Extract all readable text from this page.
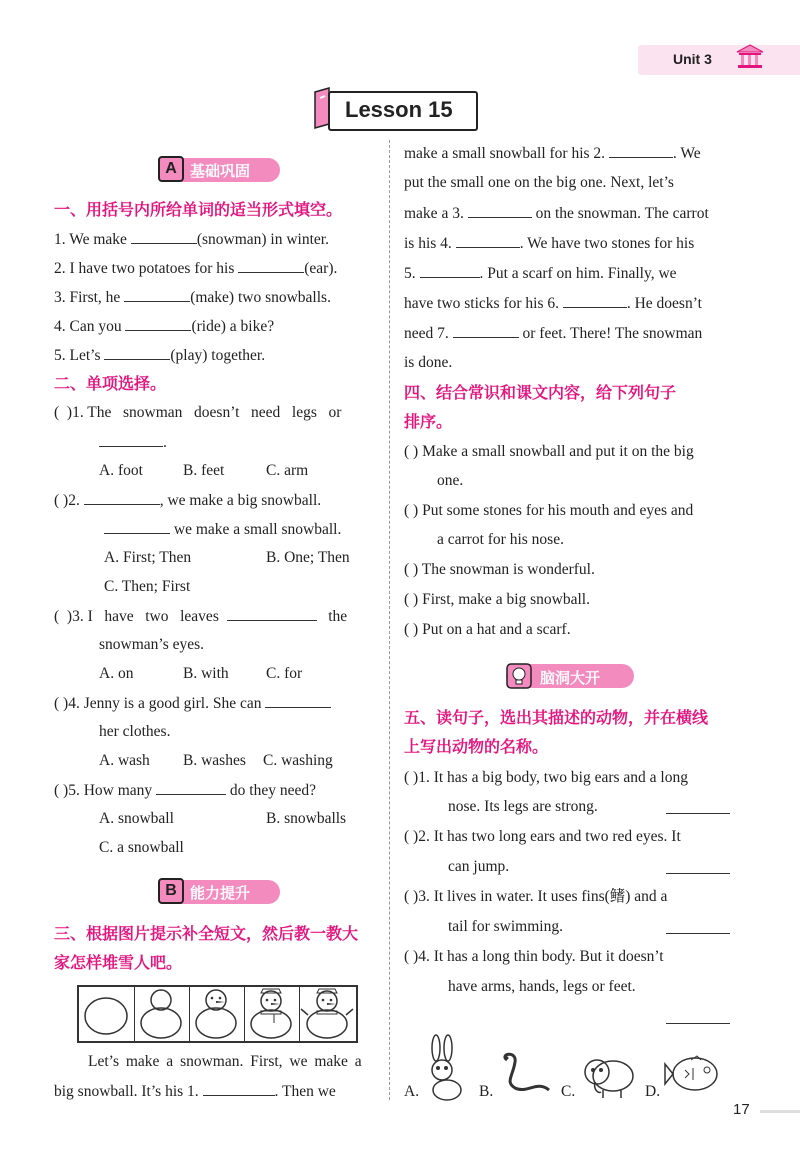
Unit 3
Lesson 15
A 基础巩固
一、用括号内所给单词的适当形式填空。
1. We make	(snowman) in winter.
2. I have two potatoes for his	(ear).
3. First, he	(make) two snowballs.
4. Can you	(ride) a bike?
5. Let’s	(play) together.
二、单项选择。
(  )1. The   snowman   doesn’t   need   legs   or
.
A. foot	B. feet	C. arm
( )2.	, we make a big snowball.
we make a small snowball.
A. First; Then	B. One; Then
C. Then; First
(  )3. I   have   two   leaves	the
snowman’s eyes.
A. on	B. with C. for
( )4. Jenny is a good girl. She can
her clothes.
A. wash B. washes C. washing
( )5. How many	do they need?
A. snowball	B. snowballs
C. a snowball
B 能力提升
三、根据图片提示补全短文，然后教一教大
家怎样堆雪人吧。
Let’s make a snowman. First, we make a
big snowball. It’s his 1.	. Then we
make a small snowball for his 2.	. We
put the small one on the big one. Next, let’s
make a 3.	on the snowman. The carrot
is his 4.	. We have two stones for his
5.	. Put a scarf on him. Finally, we
have two sticks for his 6.	. He doesn’t
need 7.	or feet. There! The snowman
is done.
四、结合常识和课文内容，给下列句子
排序。
( ) Make a small snowball and put it on the big
one.
( ) Put some stones for his mouth and eyes and
a carrot for his nose.
( ) The snowman is wonderful.
( ) First, make a big snowball.
( ) Put on a hat and a scarf.
脑洞大开
五、读句子，选出其描述的动物，并在横线
上写出动物的名称。
( )1. It has a big body, two big ears and a long
nose. Its legs are strong.
( )2. It has two long ears and two red eyes. It
can jump.
( )3. It lives in water. It uses fins(鳍) and a
tail for swimming.
( )4. It has a long thin body. But it doesn’t
have arms, hands, legs or feet.
A.	B.	C.	D.
17
